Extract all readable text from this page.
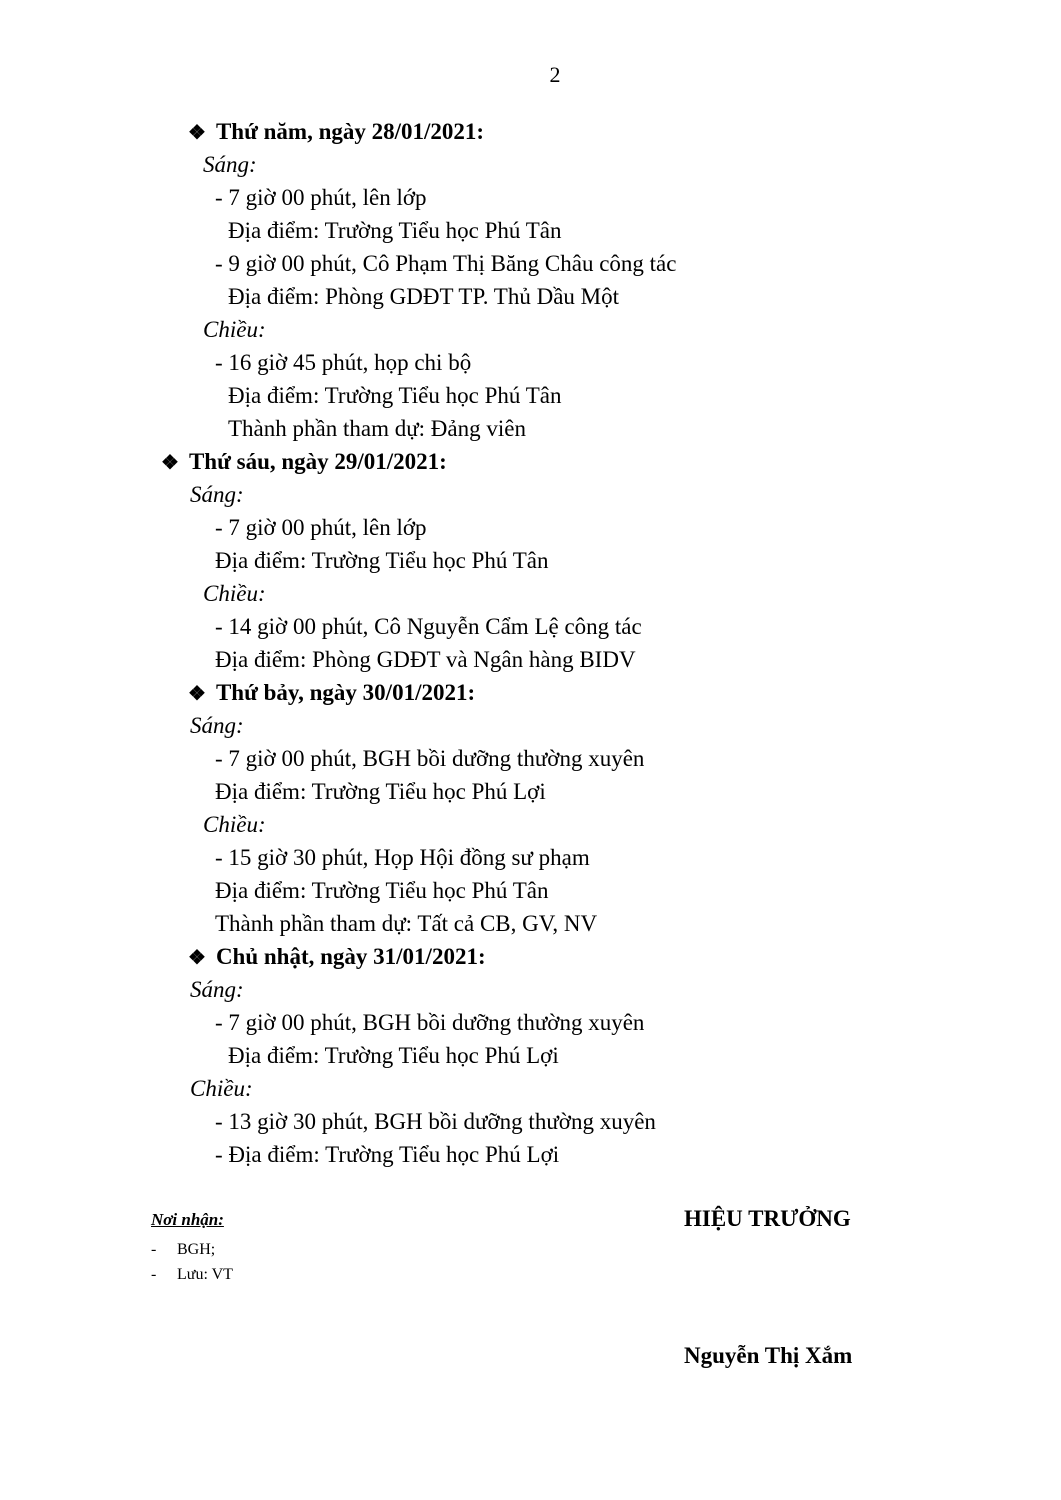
2
❖ Thứ năm, ngày 28/01/2021:
Sáng:
- 7 giờ 00 phút, lên lớp
Địa điểm: Trường Tiểu học Phú Tân
- 9 giờ 00 phút, Cô Phạm Thị Băng Châu công tác
Địa điểm: Phòng GDĐT TP. Thủ Dầu Một
Chiều:
- 16 giờ 45 phút, họp chi bộ
Địa điểm: Trường Tiểu học Phú Tân
Thành phần tham dự: Đảng viên
❖ Thứ sáu, ngày 29/01/2021:
Sáng:
- 7 giờ 00 phút, lên lớp
Địa điểm: Trường Tiểu học Phú Tân
Chiều:
- 14 giờ 00 phút, Cô Nguyễn Cẩm Lệ công tác
Địa điểm: Phòng GDĐT và Ngân hàng BIDV
❖ Thứ bảy, ngày 30/01/2021:
Sáng:
- 7 giờ 00 phút, BGH bồi dưỡng thường xuyên
Địa điểm: Trường Tiểu học Phú Lợi
Chiều:
- 15 giờ 30 phút, Họp Hội đồng sư phạm
Địa điểm: Trường Tiểu học Phú Tân
Thành phần tham dự: Tất cả CB, GV, NV
❖ Chủ nhật, ngày 31/01/2021:
Sáng:
- 7 giờ 00 phút, BGH bồi dưỡng thường xuyên
Địa điểm: Trường Tiểu học Phú Lợi
Chiều:
- 13 giờ 30 phút, BGH bồi dưỡng thường xuyên
- Địa điểm: Trường Tiểu học Phú Lợi
Nơi nhận:
- BGH;
- Lưu: VT
HIỆU TRƯỞNG
Nguyễn Thị Xắm
